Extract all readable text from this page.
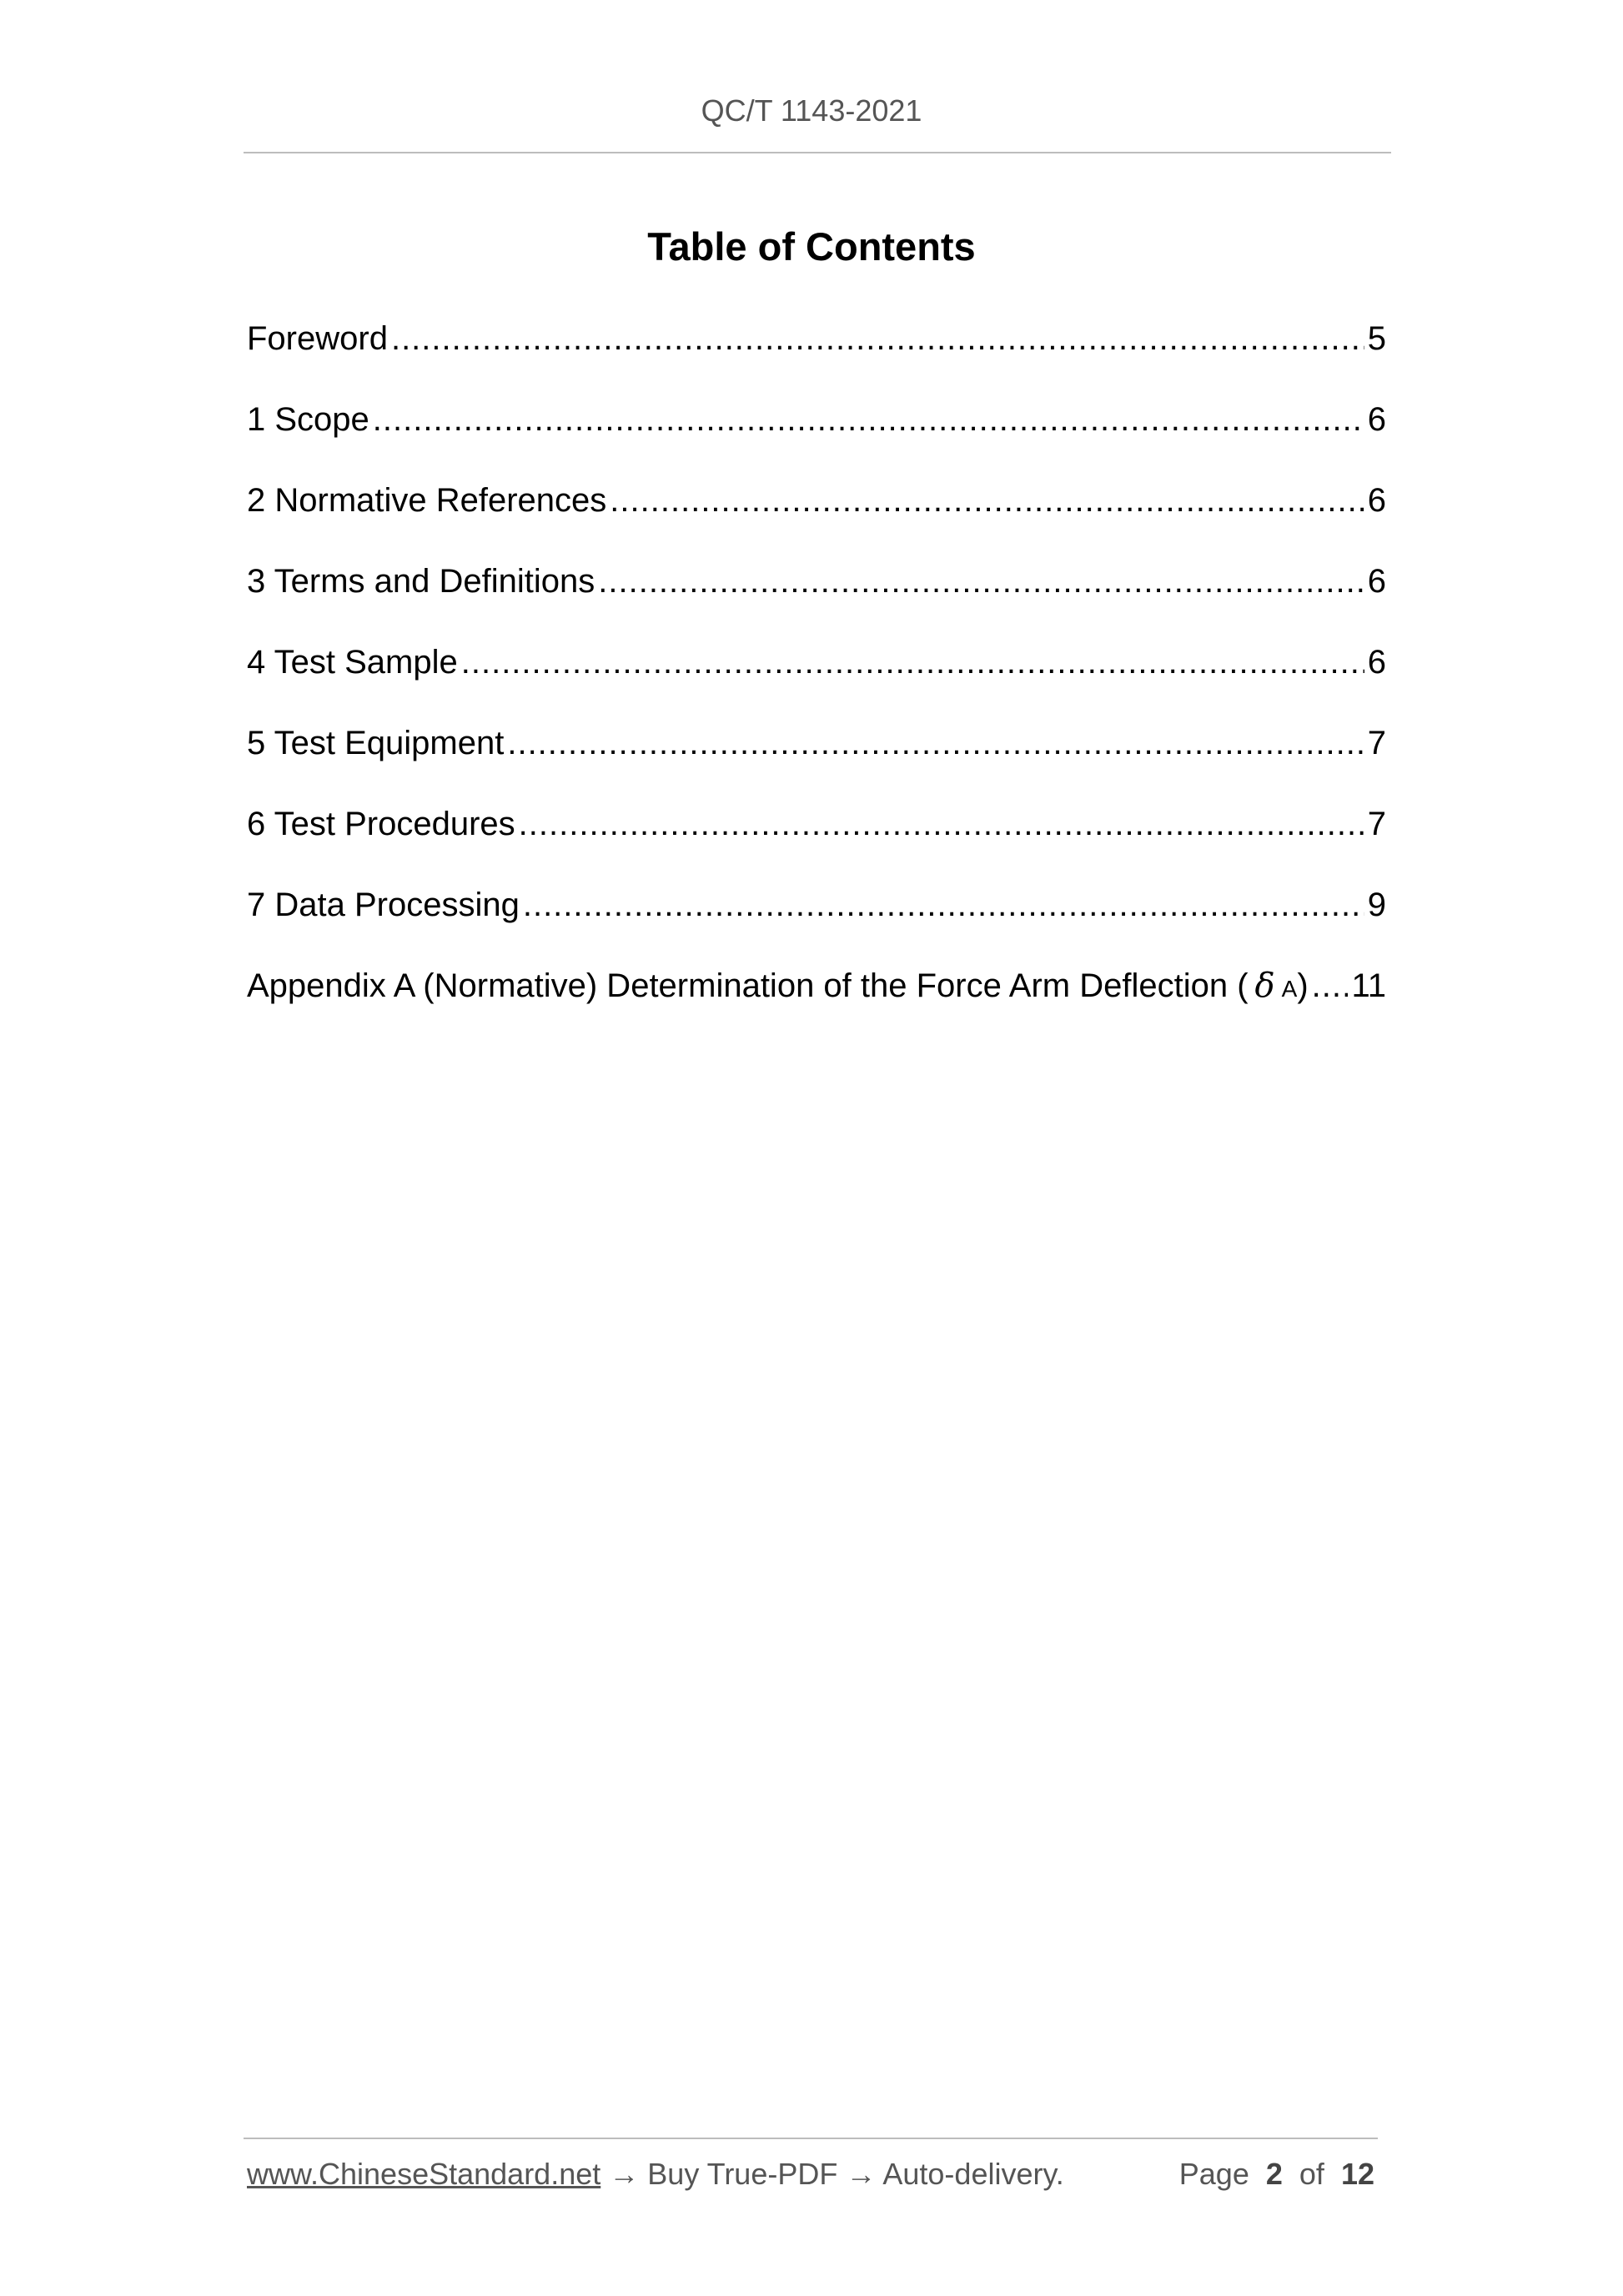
QC/T 1143-2021
Table of Contents
Foreword .....	5
1 Scope .....	6
2 Normative References .....	6
3 Terms and Definitions .....	6
4 Test Sample .....	6
5 Test Equipment .....	7
6 Test Procedures .....	7
7 Data Processing .....	9
Appendix A (Normative) Determination of the Force Arm Deflection (  δ  A) ..... 11
www.ChineseStandard.net → Buy True-PDF → Auto-delivery.	Page 2 of 12
